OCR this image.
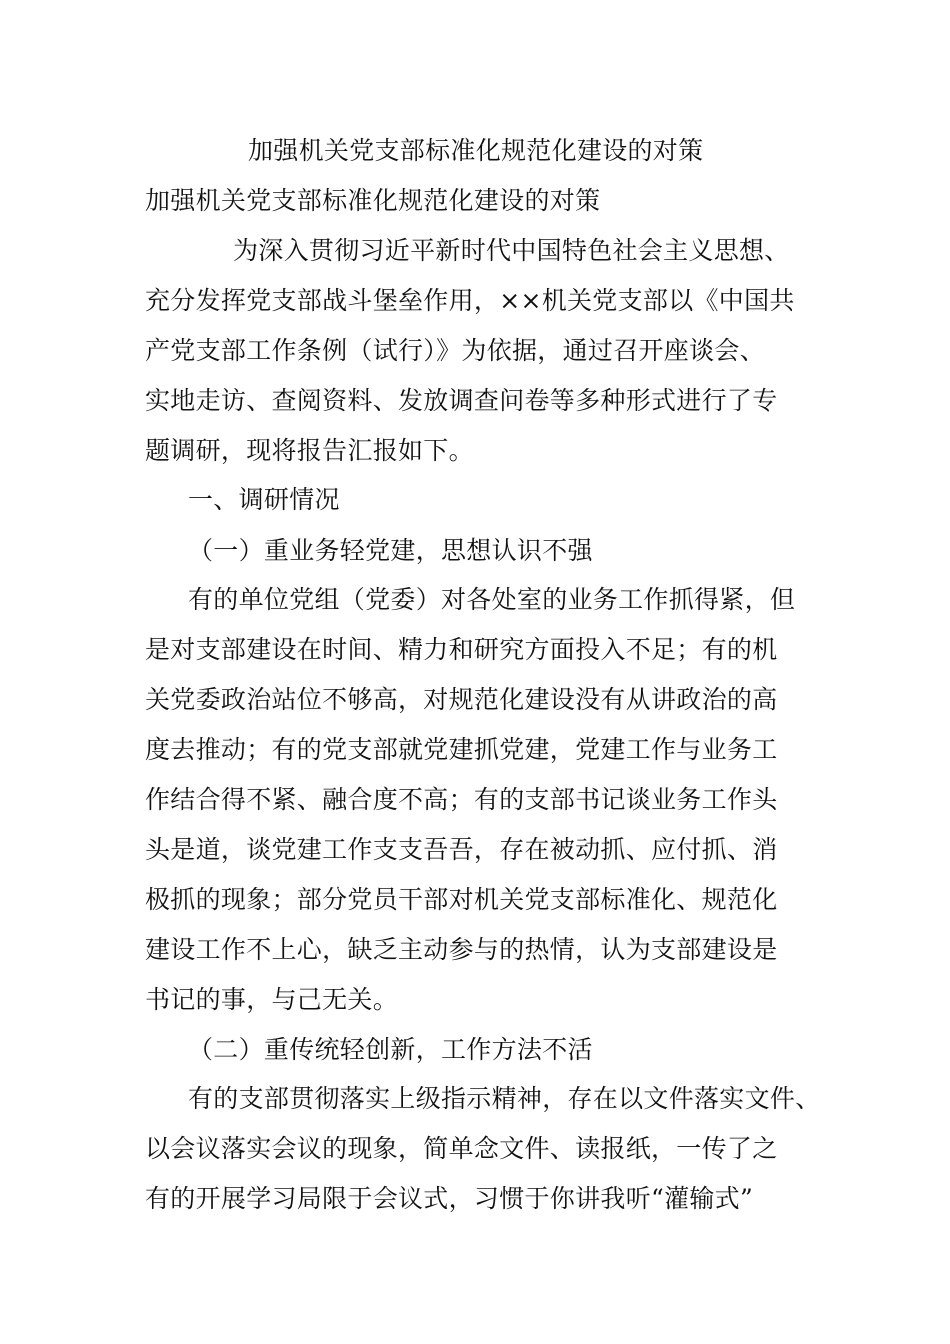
加强机关党支部标准化规范化建设的对策
加强机关党支部标准化规范化建设的对策
为深入贯彻习近平新时代中国特色社会主义思想、
充分发挥党支部战斗堡垒作用，××机关党支部以《中国共
产党支部工作条例（试行）》为依据，通过召开座谈会、
实地走访、查阅资料、发放调查问卷等多种形式进行了专
题调研，现将报告汇报如下。
一、调研情况
（一）重业务轻党建，思想认识不强
有的单位党组（党委）对各处室的业务工作抓得紧，但
是对支部建设在时间、精力和研究方面投入不足；有的机
关党委政治站位不够高，对规范化建设没有从讲政治的高
度去推动；有的党支部就党建抓党建，党建工作与业务工
作结合得不紧、融合度不高；有的支部书记谈业务工作头
头是道，谈党建工作支支吾吾，存在被动抓、应付抓、消
极抓的现象；部分党员干部对机关党支部标准化、规范化
建设工作不上心，缺乏主动参与的热情，认为支部建设是
书记的事，与己无关。
（二）重传统轻创新，工作方法不活
有的支部贯彻落实上级指示精神，存在以文件落实文件、
以会议落实会议的现象，简单念文件、读报纸，一传了之
有的开展学习局限于会议式，习惯于你讲我听“灌输式”
